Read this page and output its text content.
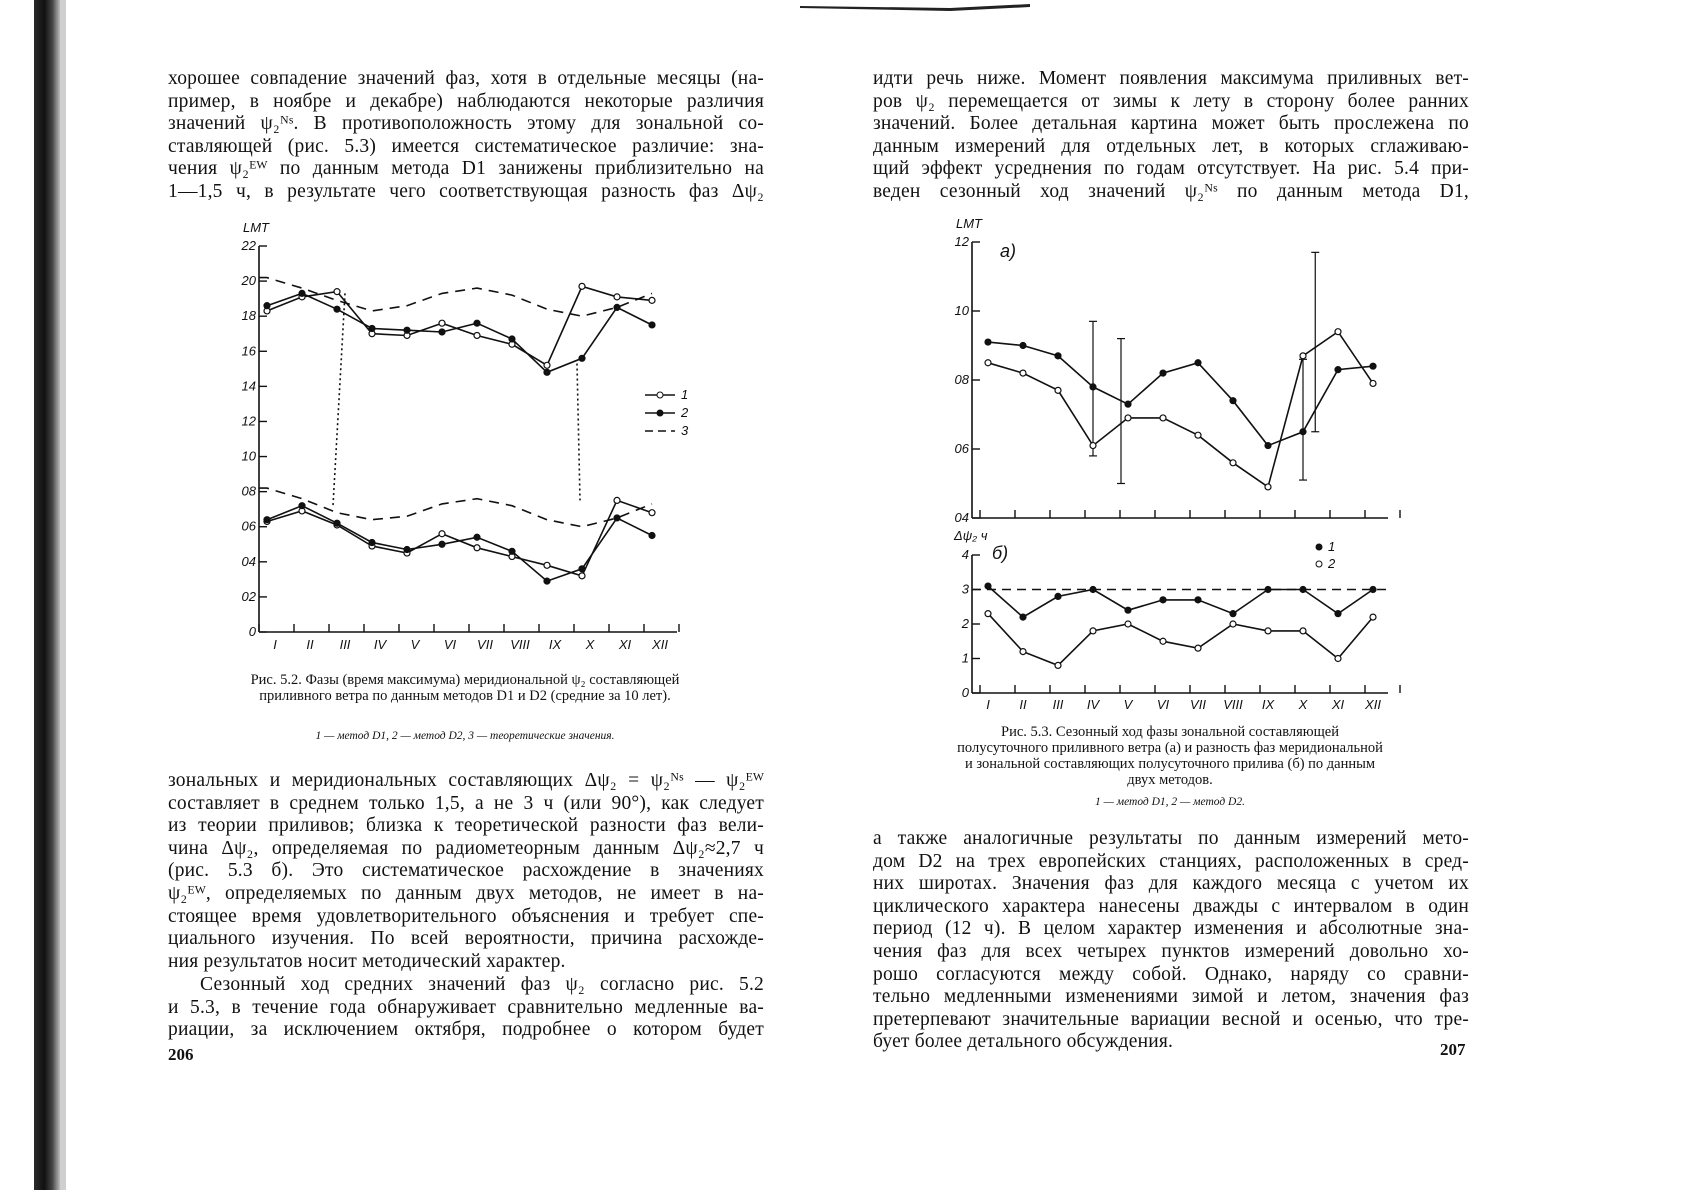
хорошее совпадение значений фаз, хотя в отдельные месяцы (на-

пример, в ноябре и декабре) наблюдаются некоторые различия

значений ψ₂ᴺˢ. В противоположность этому для зональной со-

ставляющей (рис. 5.3) имеется систематическое различие: зна-

чения ψ₂ᴱᵂ по данным метода D1 занижены приблизительно на

1—1,5 ч, в результате чего соответствующая разность фаз Δψ₂

LMT
0
02
04
06
08
10
12
14
16
18
20
22
I II III IV V VI VII VIII IX X XI XII
1
2
3
Рис. 5.2. Фазы (время максимума) меридиональной ψ₂ составляющей приливного ветра по данным методов D1 и D2 (средние за 10 лет).
1 — метод D1, 2 — метод D2, 3 — теоретические значения.

зональных и меридиональных составляющих Δψ₂ = ψ₂ᴺˢ — ψ₂ᴱᵂ

составляет в среднем только 1,5, а не 3 ч (или 90°), как следует

из теории приливов; близка к теоретической разности фаз вели-

чина Δψ₂, определяемая по радиометеорным данным Δψ₂≈2,7 ч

(рис. 5.3 б). Это систематическое расхождение в значениях

ψ₂ᴱᵂ, определяемых по данным двух методов, не имеет в на-

стоящее время удовлетворительного объяснения и требует спе-

циального изучения. По всей вероятности, причина расхожде-

ния результатов носит методический характер.

Сезонный ход средних значений фаз ψ₂ согласно рис. 5.2

и 5.3, в течение года обнаруживает сравнительно медленные ва-

риации, за исключением октября, подробнее о котором будет

206

идти речь ниже. Момент появления максимума приливных вет-

ров ψ₂ перемещается от зимы к лету в сторону более ранних

значений. Более детальная картина может быть прослежена по

данным измерений для отдельных лет, в которых сглаживаю-

щий эффект усреднения по годам отсутствует. На рис. 5.4 при-

веден сезонный ход значений ψ₂ᴺˢ по данным метода D1,

LMT
а)
04
06
08
10
12
Δψ₂ ч
б)
0
1
2
3
4
I II III IV V VI VII VIII IX X XI XII
1
2
Рис. 5.3. Сезонный ход фазы зональной составляющей полусуточного приливного ветра (а) и разность фаз меридиональной и зональной составляющих полусуточного прилива (б) по данным двух методов.
1 — метод D1, 2 — метод D2.

а также аналогичные результаты по данным измерений мето-

дом D2 на трех европейских станциях, расположенных в сред-

них широтах. Значения фаз для каждого месяца с учетом их

циклического характера нанесены дважды с интервалом в один

период (12 ч). В целом характер изменения и абсолютные зна-

чения фаз для всех четырех пунктов измерений довольно хо-

рошо согласуются между собой. Однако, наряду со сравни-

тельно медленными изменениями зимой и летом, значения фаз

претерпевают значительные вариации весной и осенью, что тре-

бует более детального обсуждения.	207
